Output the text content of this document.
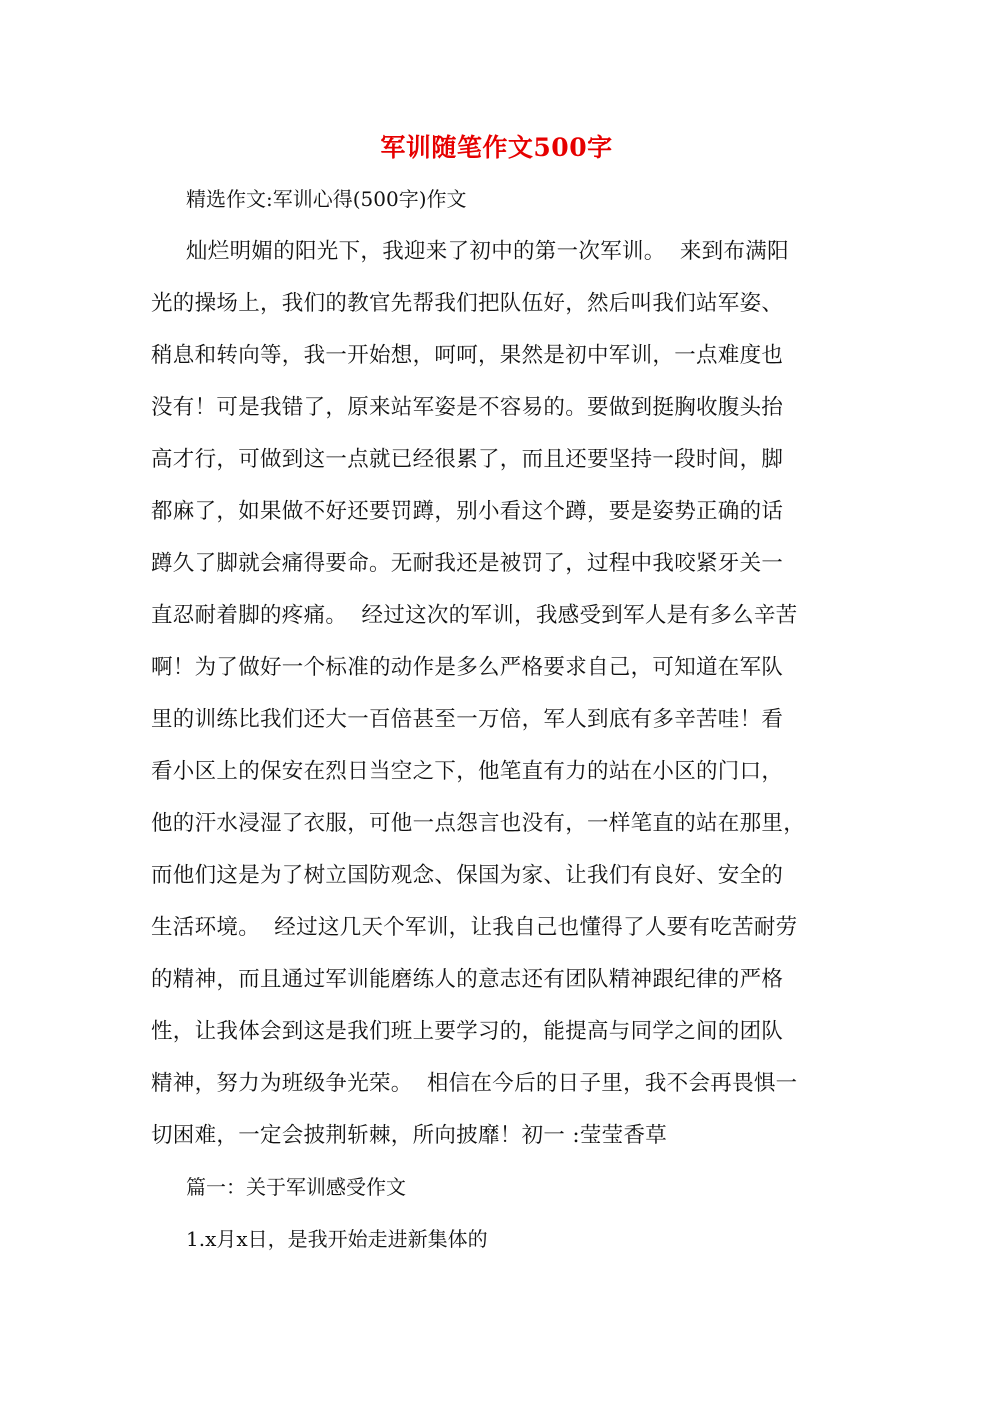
军训随笔作文500字
精选作文:军训心得(500字)作文
灿烂明媚的阳光下，我迎来了初中的第一次军训。  来到布满阳
光的操场上，我们的教官先帮我们把队伍好，然后叫我们站军姿、
稍息和转向等，我一开始想，呵呵，果然是初中军训，一点难度也
没有！可是我错了，原来站军姿是不容易的。要做到挺胸收腹头抬
高才行，可做到这一点就已经很累了，而且还要坚持一段时间，脚
都麻了，如果做不好还要罚蹲，别小看这个蹲，要是姿势正确的话
蹲久了脚就会痛得要命。无耐我还是被罚了，过程中我咬紧牙关一
直忍耐着脚的疼痛。  经过这次的军训，我感受到军人是有多么辛苦
啊！为了做好一个标准的动作是多么严格要求自己，可知道在军队
里的训练比我们还大一百倍甚至一万倍，军人到底有多辛苦哇！看
看小区上的保安在烈日当空之下，他笔直有力的站在小区的门口，
他的汗水浸湿了衣服，可他一点怨言也没有，一样笔直的站在那里，
而他们这是为了树立国防观念、保国为家、让我们有良好、安全的
生活环境。  经过这几天个军训，让我自己也懂得了人要有吃苦耐劳
的精神，而且通过军训能磨练人的意志还有团队精神跟纪律的严格
性，让我体会到这是我们班上要学习的，能提高与同学之间的团队
精神，努力为班级争光荣。  相信在今后的日子里，我不会再畏惧一
切困难，一定会披荆斩棘，所向披靡！初一 :莹莹香草
篇一：关于军训感受作文
1.x月x日，是我开始走进新集体的
